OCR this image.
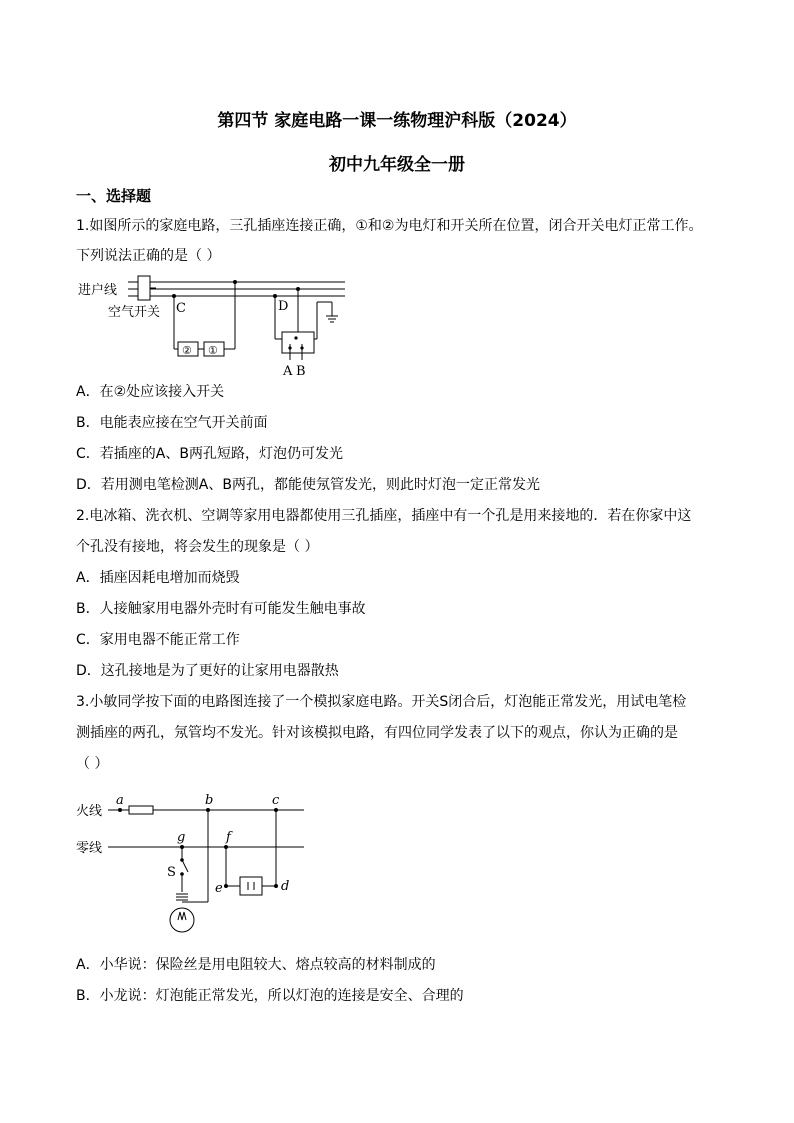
第四节 家庭电路一课一练物理沪科版（2024）
初中九年级全一册
一、选择题
1.如图所示的家庭电路，三孔插座连接正确，①和②为电灯和开关所在位置，闭合开关电灯正常工作。
下列说法正确的是（ ）
进户线
空气开关 C	D
② ①
A B
A．在②处应该接入开关
B．电能表应接在空气开关前面
C．若插座的A、B两孔短路，灯泡仍可发光
D．若用测电笔检测A、B两孔，都能使氖管发光，则此时灯泡一定正常发光
2.电冰箱、洗衣机、空调等家用电器都使用三孔插座，插座中有一个孔是用来接地的．若在你家中这
个孔没有接地，将会发生的现象是（ ）
A．插座因耗电增加而烧毁
B．人接触家用电器外壳时有可能发生触电事故
C．家用电器不能正常工作
D．这孔接地是为了更好的让家用电器散热
3.小敏同学按下面的电路图连接了一个模拟家庭电路。开关S闭合后，灯泡能正常发光，用试电笔检
测插座的两孔，氖管均不发光。针对该模拟电路，有四位同学发表了以下的观点，你认为正确的是
（ ）
火线
零线
a	b	c
g	f
S
e	d
A．小华说：保险丝是用电阻较大、熔点较高的材料制成的
B．小龙说：灯泡能正常发光，所以灯泡的连接是安全、合理的
